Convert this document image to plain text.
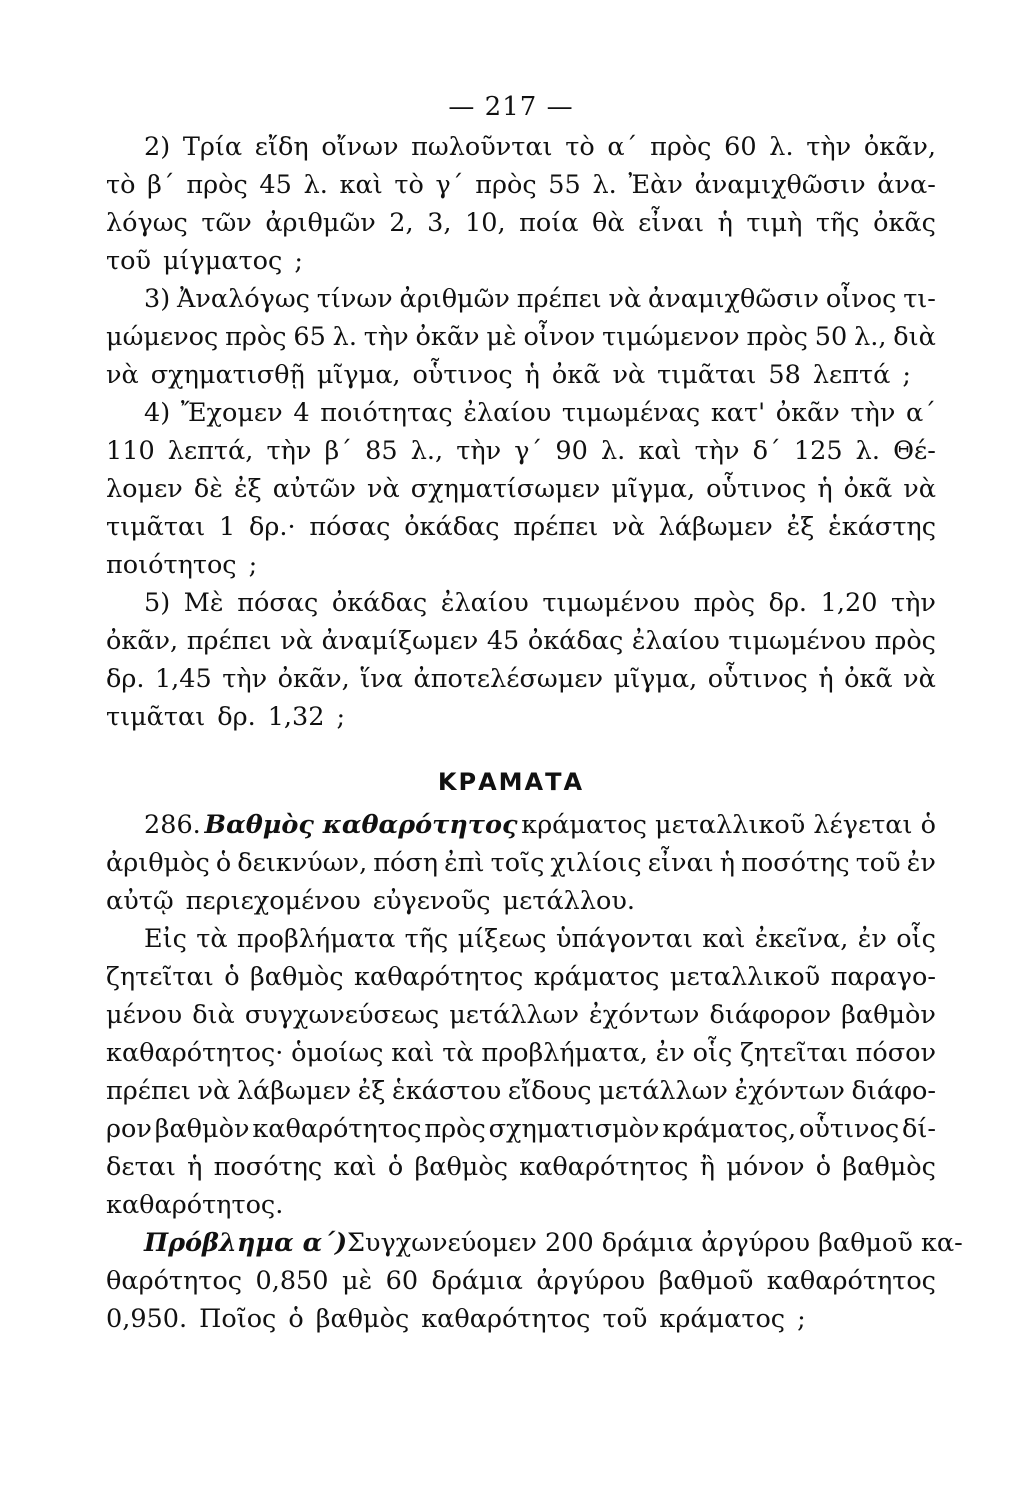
— 217 —
2) Τρία εἴδη οἴνων πωλοῦνται τὸ α΄ πρὸς 60 λ. τὴν ὀκᾶν,
τὸ β΄ πρὸς 45 λ. καὶ τὸ γ΄ πρὸς 55 λ. Ἐὰν ἀναμιχθῶσιν ἀνα-
λόγως τῶν ἀριθμῶν 2, 3, 10, ποία θὰ εἶναι ἡ τιμὴ τῆς ὀκᾶς
τοῦ μίγματος ;
3) Ἀναλόγως τίνων ἀριθμῶν πρέπει νὰ ἀναμιχθῶσιν οἶνος τι-
μώμενος πρὸς 65 λ. τὴν ὀκᾶν μὲ οἶνον τιμώμενον πρὸς 50 λ., διὰ
νὰ σχηματισθῇ μῖγμα, οὗτινος ἡ ὀκᾶ νὰ τιμᾶται 58 λεπτά ;
4) Ἔχομεν 4 ποιότητας ἐλαίου τιμωμένας κατ' ὀκᾶν τὴν α΄
110 λεπτά, τὴν β΄ 85 λ., τὴν γ΄ 90 λ. καὶ τὴν δ΄ 125 λ. Θέ-
λομεν δὲ ἐξ αὐτῶν νὰ σχηματίσωμεν μῖγμα, οὗτινος ἡ ὀκᾶ νὰ
τιμᾶται 1 δρ.· πόσας ὀκάδας πρέπει νὰ λάβωμεν ἐξ ἑκάστης
ποιότητος ;
5) Μὲ πόσας ὀκάδας ἐλαίου τιμωμένου πρὸς δρ. 1,20 τὴν
ὀκᾶν, πρέπει νὰ ἀναμίξωμεν 45 ὀκάδας ἐλαίου τιμωμένου πρὸς
δρ. 1,45 τὴν ὀκᾶν, ἵνα ἀποτελέσωμεν μῖγμα, οὗτινος ἡ ὀκᾶ νὰ
τιμᾶται δρ. 1,32 ;
ΚΡΑΜΑΤΑ
286. Βαθμὸς καθαρότητος κράματος μεταλλικοῦ λέγεται ὁ
ἀριθμὸς ὁ δεικνύων, πόση ἐπὶ τοῖς χιλίοις εἶναι ἡ ποσότης τοῦ ἐν
αὐτῷ περιεχομένου εὐγενοῦς μετάλλου.
Εἰς τὰ προβλήματα τῆς μίξεως ὑπάγονται καὶ ἐκεῖνα, ἐν οἷς
ζητεῖται ὁ βαθμὸς καθαρότητος κράματος μεταλλικοῦ παραγο-
μένου διὰ συγχωνεύσεως μετάλλων ἐχόντων διάφορον βαθμὸν
καθαρότητος· ὁμοίως καὶ τὰ προβλήματα, ἐν οἷς ζητεῖται πόσον
πρέπει νὰ λάβωμεν ἐξ ἑκάστου εἴδους μετάλλων ἐχόντων διάφο-
ρον βαθμὸν καθαρότητος πρὸς σχηματισμὸν κράματος, οὗτινος δί-
δεται ἡ ποσότης καὶ ὁ βαθμὸς καθαρότητος ἢ μόνον ὁ βαθμὸς
καθαρότητος.
Πρόβλημα α΄) Συγχωνεύομεν 200 δράμια ἀργύρου βαθμοῦ κα-
θαρότητος 0,850 μὲ 60 δράμια ἀργύρου βαθμοῦ καθαρότητος
0,950. Ποῖος ὁ βαθμὸς καθαρότητος τοῦ κράματος ;
